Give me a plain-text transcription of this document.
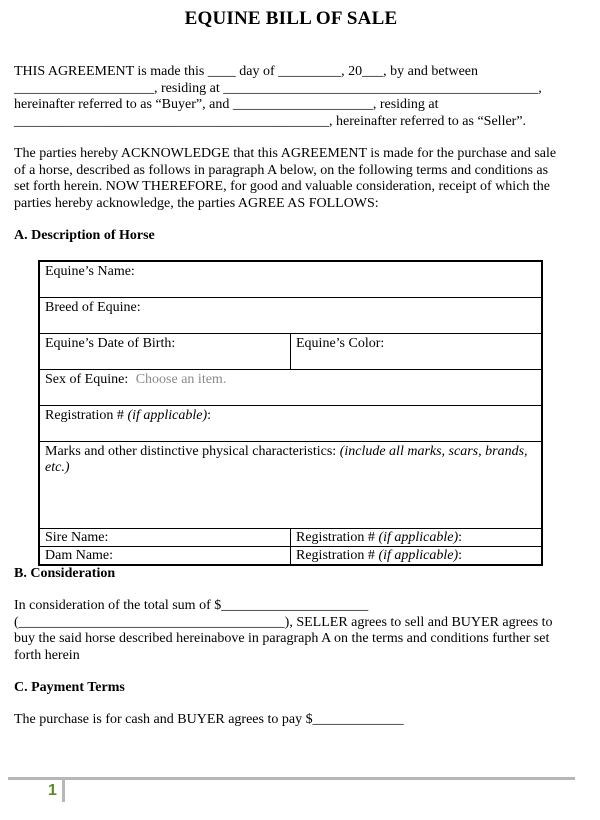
EQUINE BILL OF SALE

THIS AGREEMENT is made this ____ day of _________, 20___, by and between
____________________, residing at _____________________________________________,
hereinafter referred to as “Buyer”, and ____________________, residing at
_____________________________________________, hereinafter referred to as “Seller”.

The parties hereby ACKNOWLEDGE that this AGREEMENT is made for the purchase and sale
of a horse, described as follows in paragraph A below, on the following terms and conditions as
set forth herein. NOW THEREFORE, for good and valuable consideration, receipt of which the
parties hereby acknowledge, the parties AGREE AS FOLLOWS:

A. Description of Horse
Equine’s Name:	
Breed of Equine:	
Equine’s Date of Birth:	Equine’s Color:
Sex of Equine: Choose an item.	
Registration # (if applicable):	
Marks and other distinctive physical characteristics: (include all marks, scars, brands, etc.)	
Sire Name:	Registration # (if applicable):
Dam Name:	Registration # (if applicable):
B. Consideration

In consideration of the total sum of $_____________________
(______________________________________), SELLER agrees to sell and BUYER agrees to
buy the said horse described hereinabove in paragraph A on the terms and conditions further set
forth herein

C. Payment Terms

The purchase is for cash and BUYER agrees to pay $_____________

1
